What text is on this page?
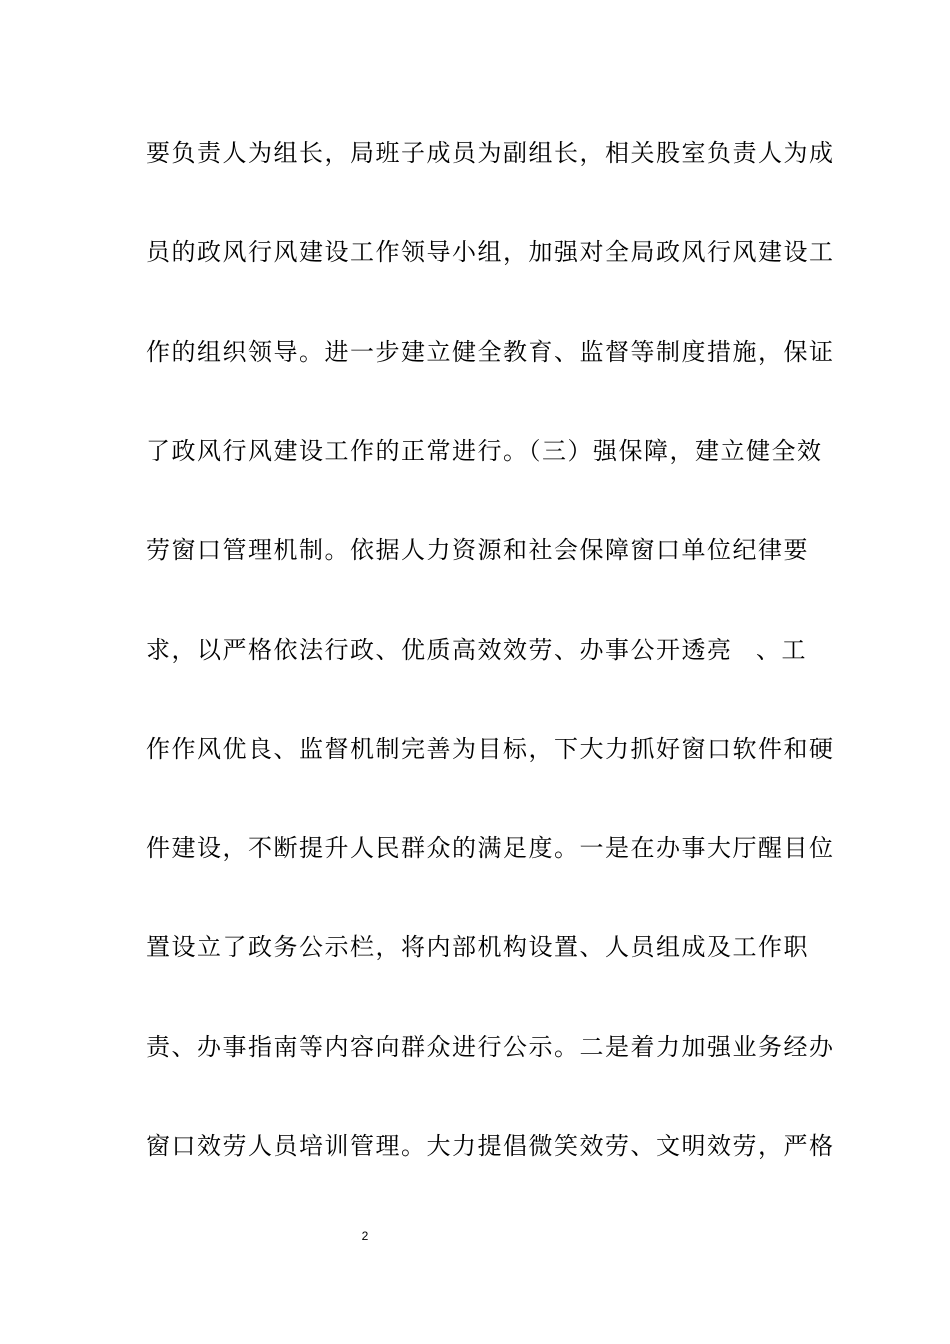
要负责人为组长，局班子成员为副组长，相关股室负责人为成
员的政风行风建设工作领导小组，加强对全局政风行风建设工
作的组织领导。进一步建立健全教育、监督等制度措施，保证
了政风行风建设工作的正常进行。（三）强保障，建立健全效
劳窗口管理机制。依据人力资源和社会保障窗口单位纪律要
求，以严格依法行政、优质高效效劳、办事公开透亮 、工
作作风优良、监督机制完善为目标，下大力抓好窗口软件和硬
件建设，不断提升人民群众的满足度。一是在办事大厅醒目位
置设立了政务公示栏，将内部机构设置、人员组成及工作职
责、办事指南等内容向群众进行公示。二是着力加强业务经办
窗口效劳人员培训管理。大力提倡微笑效劳、文明效劳，严格
2
